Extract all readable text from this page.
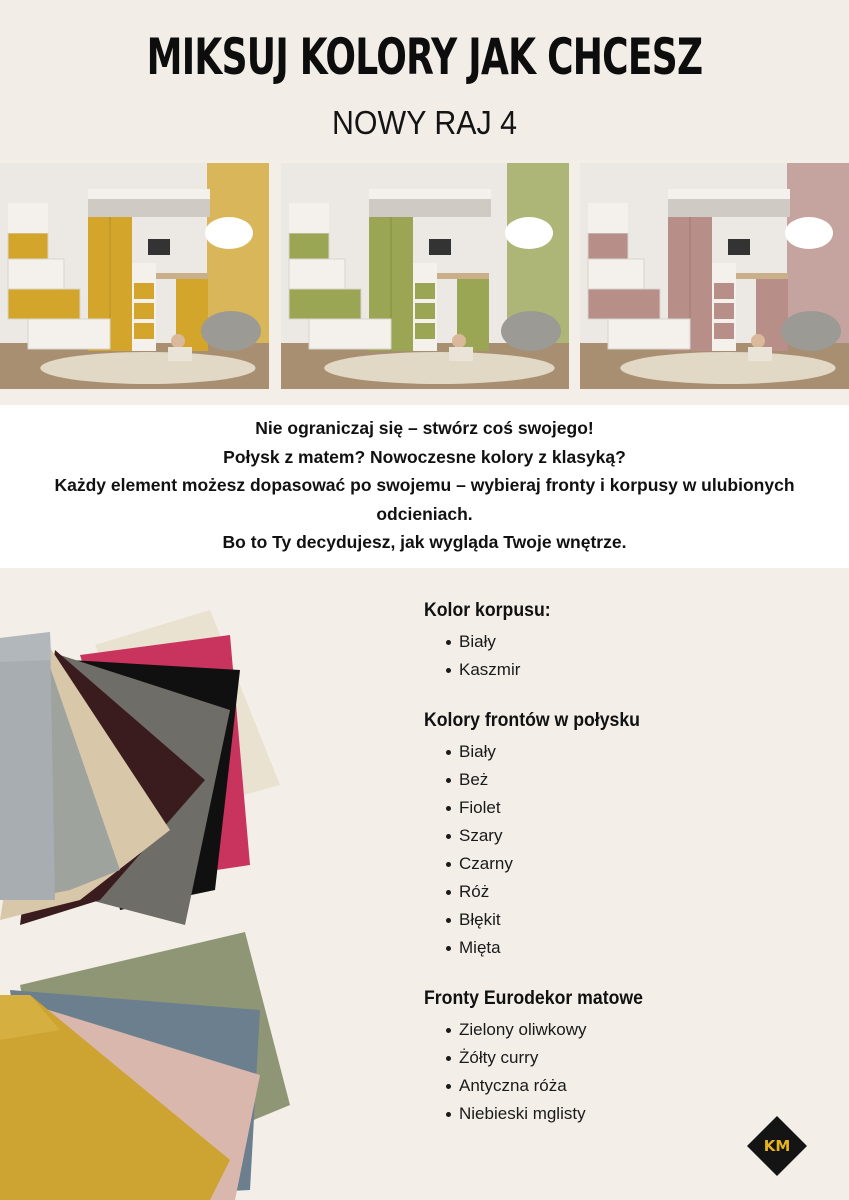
MIKSUJ KOLORY JAK CHCESZ
NOWY RAJ 4

Nie ograniczaj się – stwórz coś swojego!

Połysk z matem? Nowoczesne kolory z klasyką?

Każdy element możesz dopasować po swojemu – wybieraj fronty i korpusy w ulubionych

odcieniach.

Bo to Ty decydujesz, jak wygląda Twoje wnętrze.

Kolor korpusu:
Biały
Kaszmir
Kolory frontów w połysku
Biały
Beż
Fiolet
Szary
Czarny
Róż
Błękit
Mięta
Fronty Eurodekor matowe
Zielony oliwkowy
Żółty curry
Antyczna róża
Niebieski mglisty
KM
